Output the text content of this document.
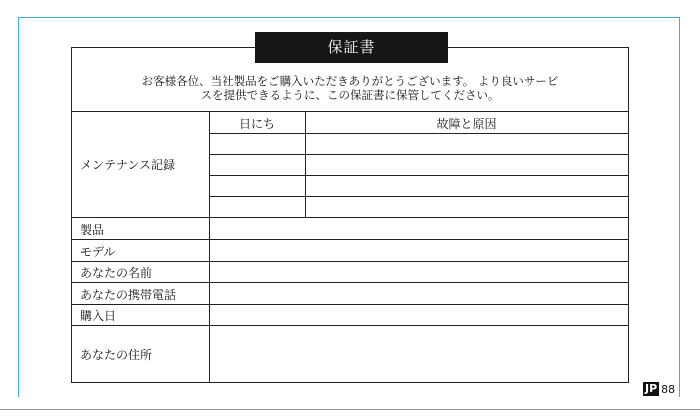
保証書
お客様各位、当社製品をご購入いただきありがとうございます。 より良いサービ
スを提供できるように、この保証書に保管してください。
日にち	故障と原因
メンテナンス記録
製品
モデル
あなたの名前
あなたの携帯電話
購入日
あなたの住所
JP 88
